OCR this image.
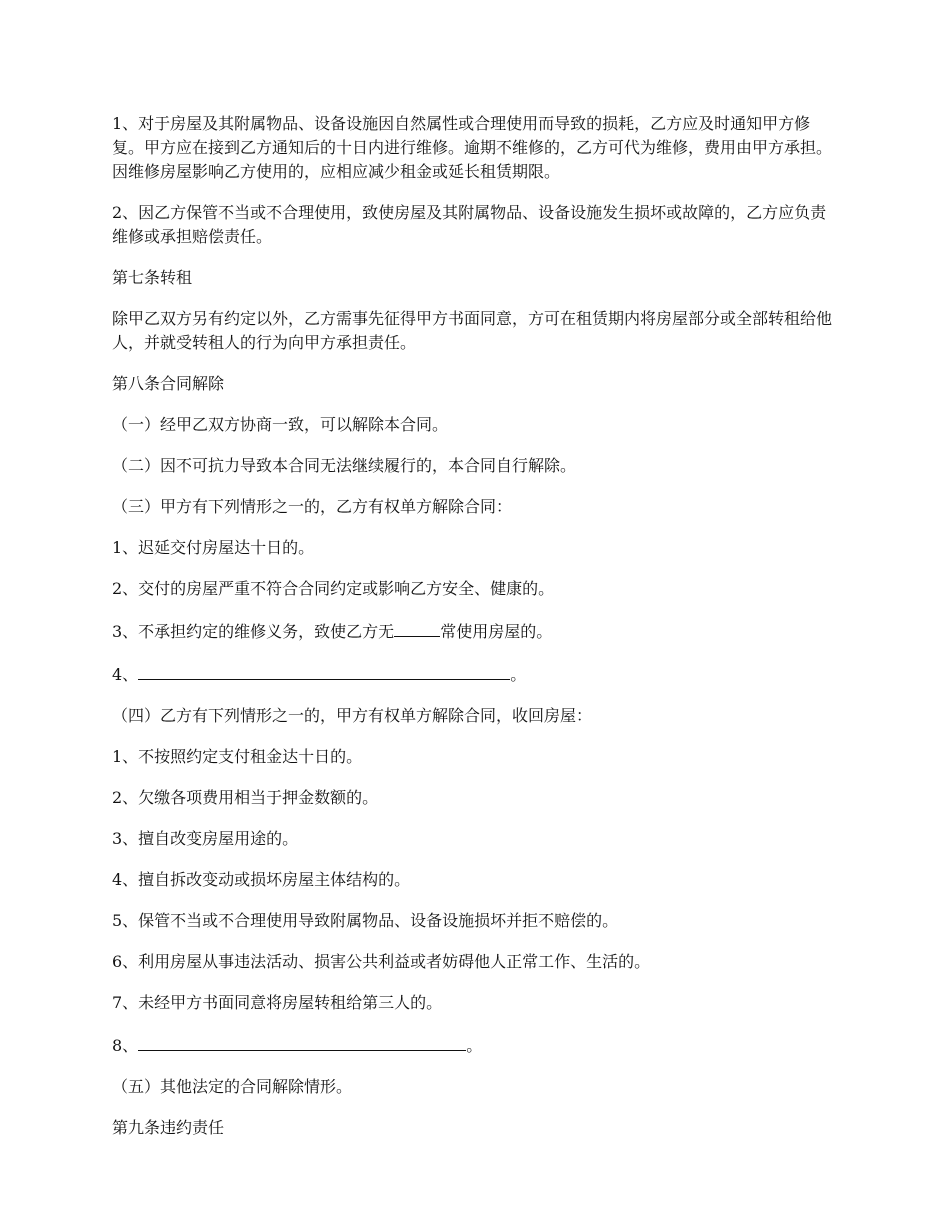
1、对于房屋及其附属物品、设备设施因自然属性或合理使用而导致的损耗，乙方应及时通知甲方修复。甲方应在接到乙方通知后的十日内进行维修。逾期不维修的，乙方可代为维修，费用由甲方承担。因维修房屋影响乙方使用的，应相应减少租金或延长租赁期限。

2、因乙方保管不当或不合理使用，致使房屋及其附属物品、设备设施发生损坏或故障的，乙方应负责维修或承担赔偿责任。

第七条转租

除甲乙双方另有约定以外，乙方需事先征得甲方书面同意，方可在租赁期内将房屋部分或全部转租给他人，并就受转租人的行为向甲方承担责任。

第八条合同解除

（一）经甲乙双方协商一致，可以解除本合同。

（二）因不可抗力导致本合同无法继续履行的，本合同自行解除。

（三）甲方有下列情形之一的，乙方有权单方解除合同：

1、迟延交付房屋达十日的。

2、交付的房屋严重不符合合同约定或影响乙方安全、健康的。

3、不承担约定的维修义务，致使乙方无	常使用房屋的。

4、	。

（四）乙方有下列情形之一的，甲方有权单方解除合同，收回房屋：

1、不按照约定支付租金达十日的。

2、欠缴各项费用相当于押金数额的。

3、擅自改变房屋用途的。

4、擅自拆改变动或损坏房屋主体结构的。

5、保管不当或不合理使用导致附属物品、设备设施损坏并拒不赔偿的。

6、利用房屋从事违法活动、损害公共利益或者妨碍他人正常工作、生活的。

7、未经甲方书面同意将房屋转租给第三人的。

8、	。

（五）其他法定的合同解除情形。

第九条违约责任
